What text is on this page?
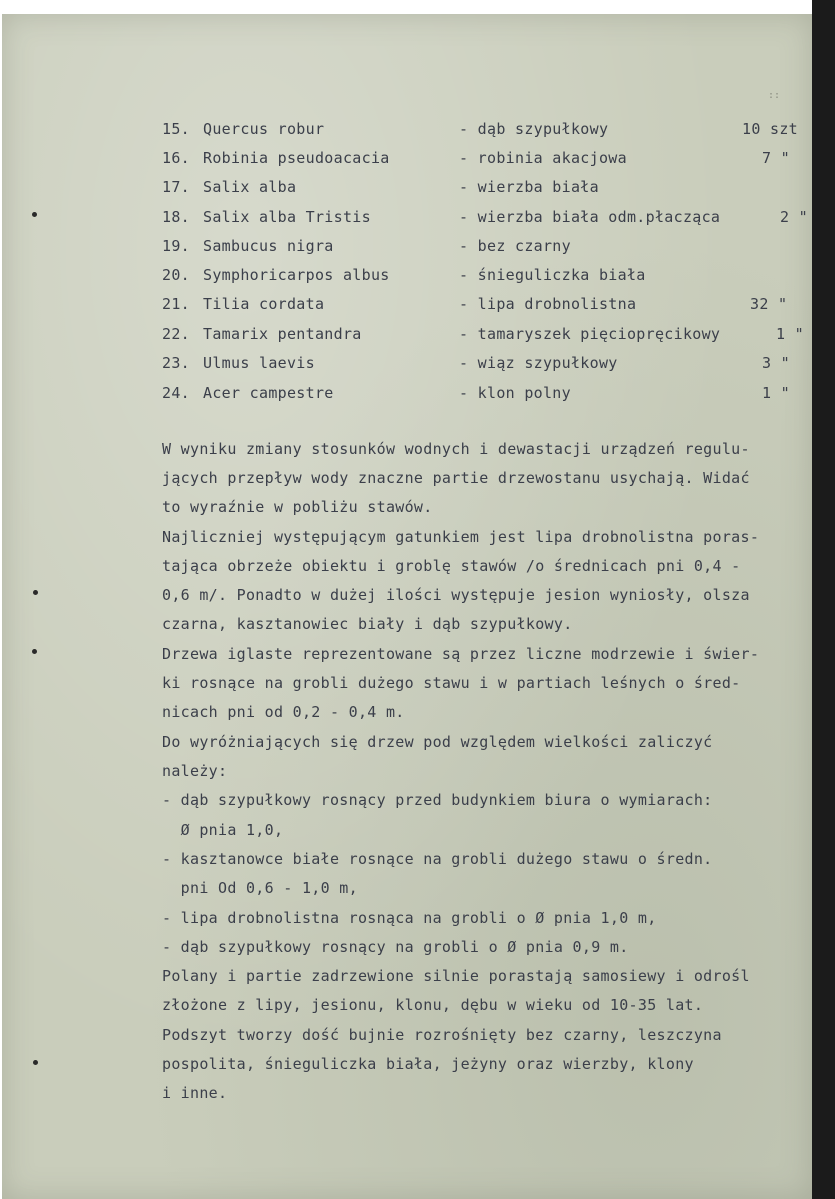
::
15. Quercus robur	- dąb szypułkowy	10 szt
16. Robinia pseudoacacia	- robinia akacjowa	7 "
17. Salix alba	- wierzba biała
18. Salix alba Tristis	- wierzba biała odm.płacząca	2 "
19. Sambucus nigra	- bez czarny
20. Symphoricarpos albus	- śnieguliczka biała
21. Tilia cordata	- lipa drobnolistna	32 "
22. Tamarix pentandra	- tamaryszek pięciopręcikowy	1 "
23. Ulmus laevis	- wiąz szypułkowy	3 "
24. Acer campestre	- klon polny	1 "
W wyniku zmiany stosunków wodnych i dewastacji urządzeń regulu-
jących przepływ wody znaczne partie drzewostanu usychają. Widać
to wyraźnie w pobliżu stawów.
Najliczniej występującym gatunkiem jest lipa drobnolistna poras-
tająca obrzeże obiektu i groblę stawów /o średnicach pni 0,4 -
0,6 m/. Ponadto w dużej ilości występuje jesion wyniosły, olsza
czarna, kasztanowiec biały i dąb szypułkowy.
Drzewa iglaste reprezentowane są przez liczne modrzewie i świer-
ki rosnące na grobli dużego stawu i w partiach leśnych o śred-
nicach pni od 0,2 - 0,4 m.
Do wyróżniających się drzew pod względem wielkości zaliczyć
należy:
- dąb szypułkowy rosnący przed budynkiem biura o wymiarach:
Ø pnia 1,0,
- kasztanowce białe rosnące na grobli dużego stawu o średn.
pni Od 0,6 - 1,0 m,
- lipa drobnolistna rosnąca na grobli o Ø pnia 1,0 m,
- dąb szypułkowy rosnący na grobli o Ø pnia 0,9 m.
Polany i partie zadrzewione silnie porastają samosiewy i odrośl
złożone z lipy, jesionu, klonu, dębu w wieku od 10-35 lat.
Podszyt tworzy dość bujnie rozrośnięty bez czarny, leszczyna
pospolita, śnieguliczka biała, jeżyny oraz wierzby, klony
i inne.
